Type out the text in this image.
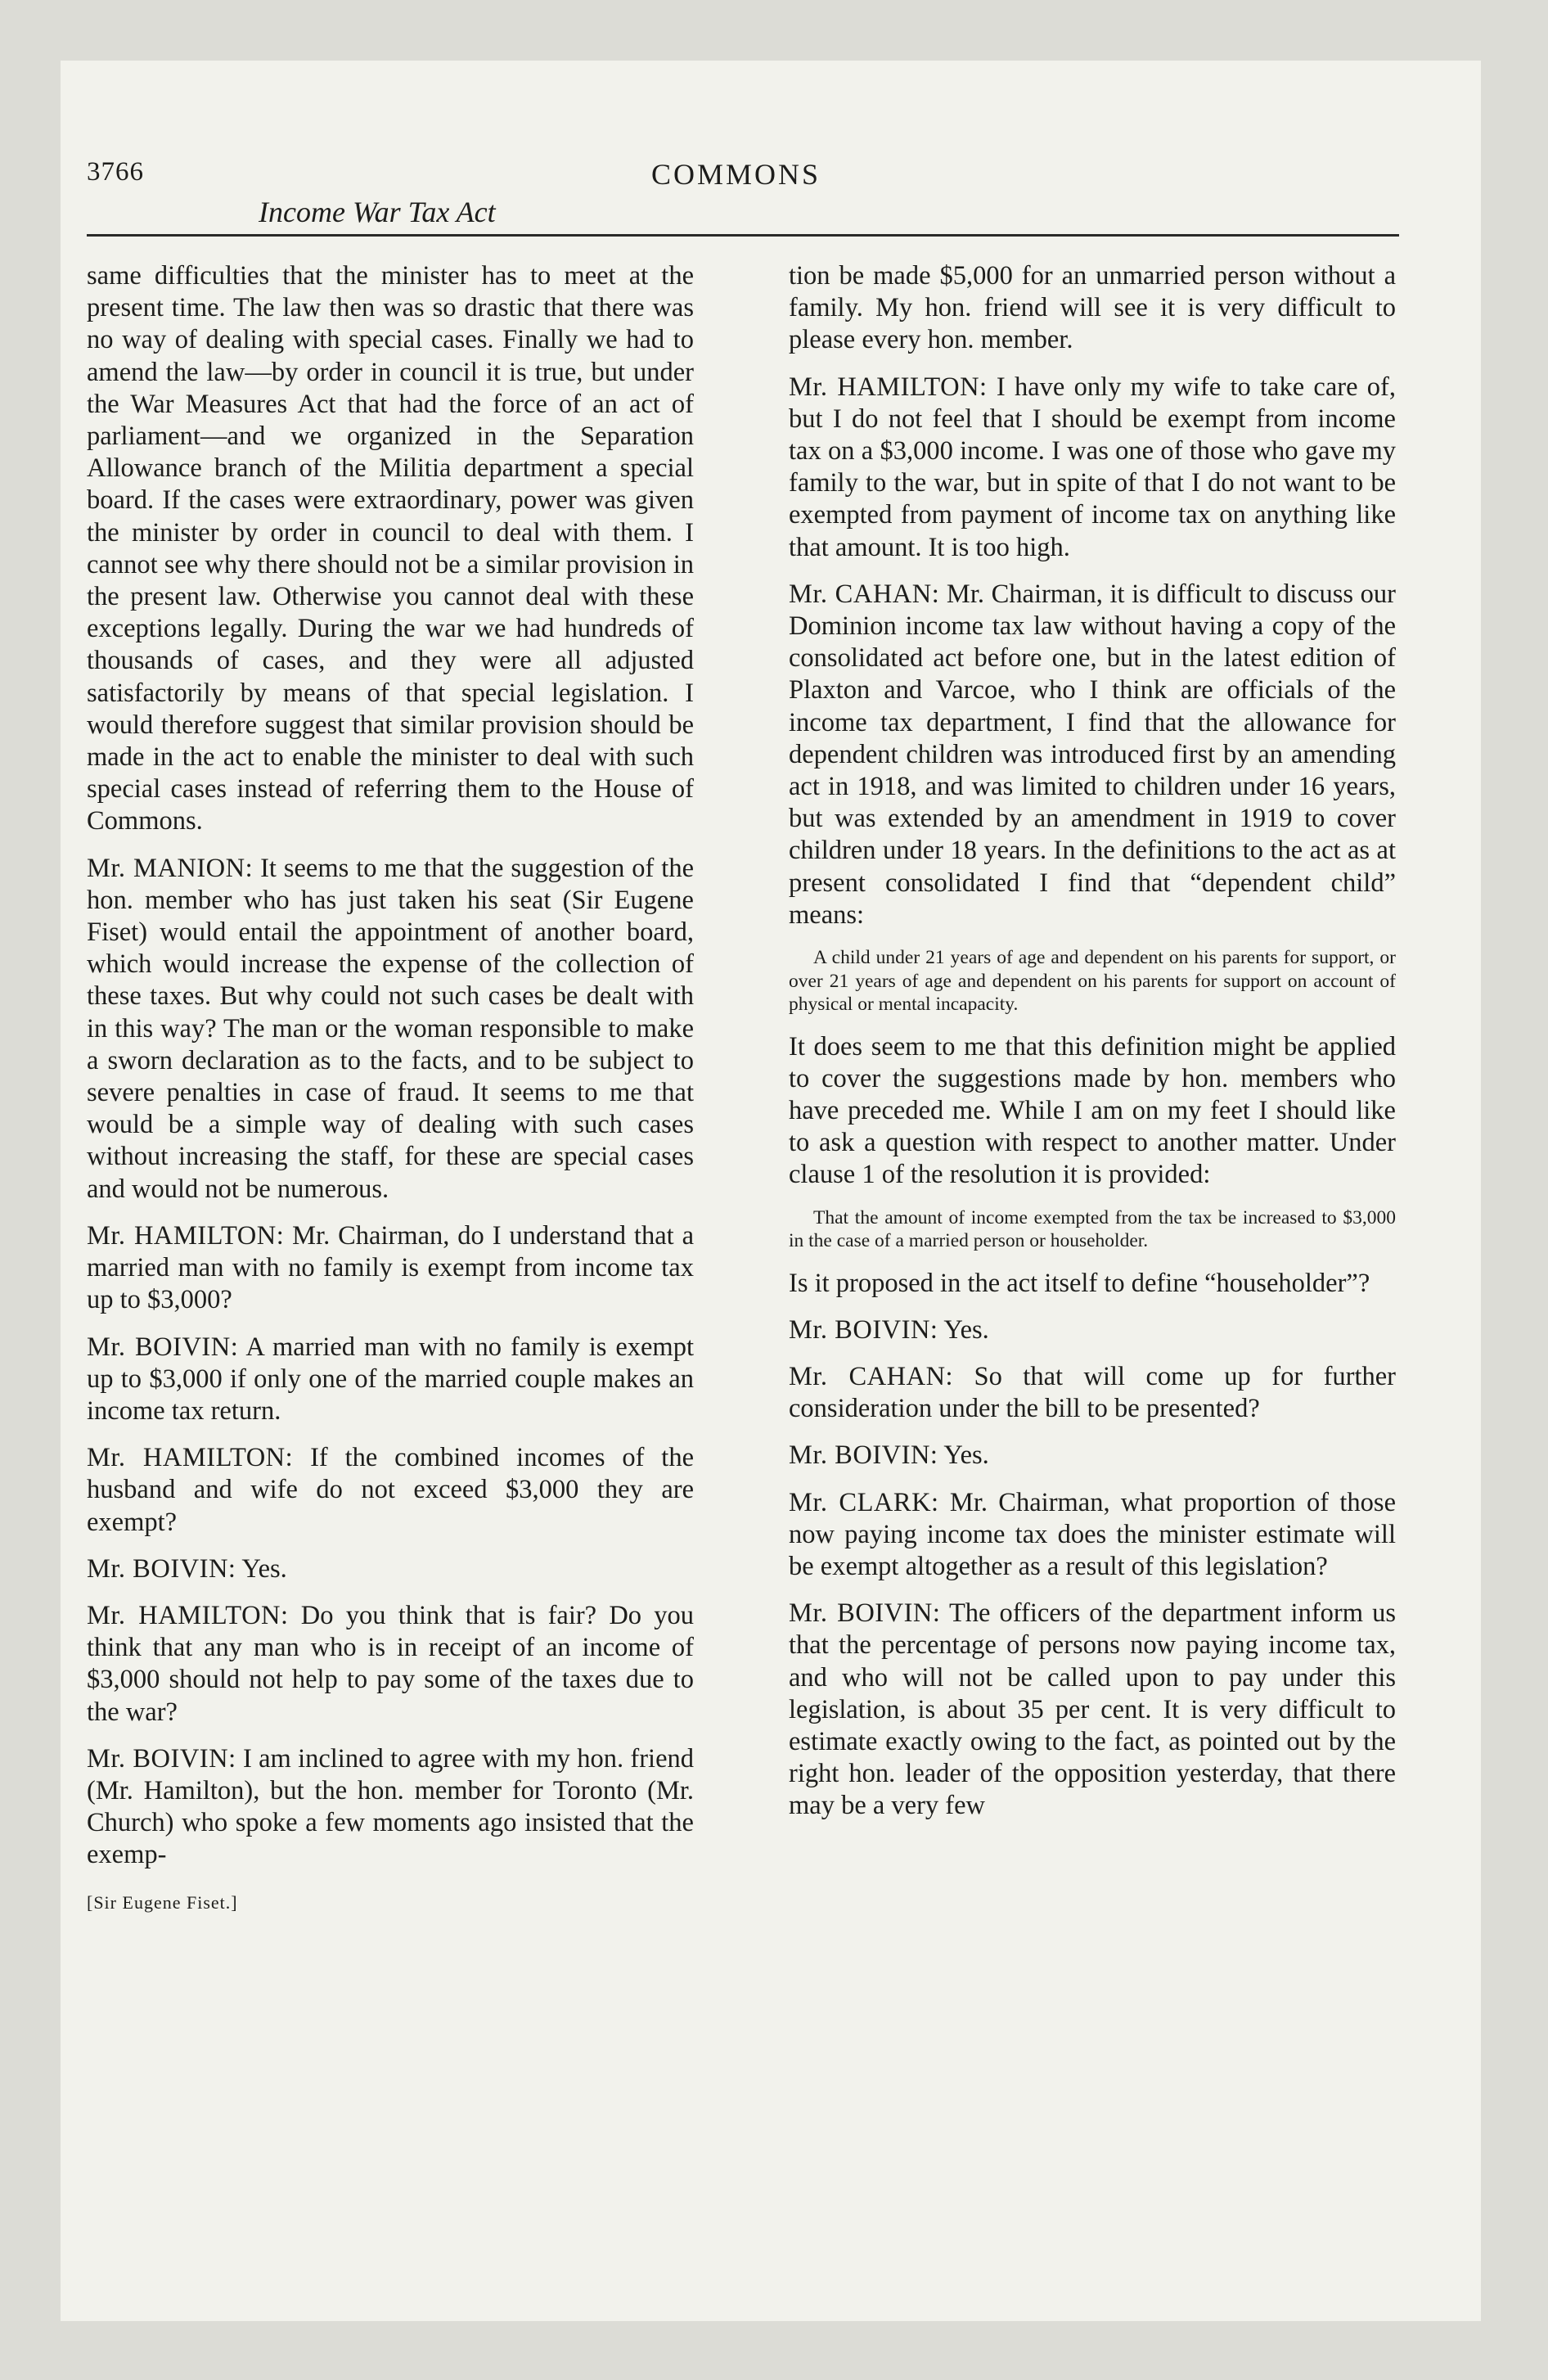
3766	COMMONS
Income War Tax Act

same difficulties that the minister has to meet at the present time. The law then was so drastic that there was no way of dealing with special cases. Finally we had to amend the law—by order in council it is true, but under the War Measures Act that had the force of an act of parliament—and we organized in the Separation Allowance branch of the Militia department a special board. If the cases were extraordinary, power was given the minister by order in council to deal with them. I cannot see why there should not be a similar provision in the present law. Otherwise you cannot deal with these exceptions legally. During the war we had hundreds of thousands of cases, and they were all adjusted satisfactorily by means of that special legislation. I would therefore suggest that similar provision should be made in the act to enable the minister to deal with such special cases instead of referring them to the House of Commons.

Mr. MANION: It seems to me that the suggestion of the hon. member who has just taken his seat (Sir Eugene Fiset) would entail the appointment of another board, which would increase the expense of the collection of these taxes. But why could not such cases be dealt with in this way? The man or the woman responsible to make a sworn declaration as to the facts, and to be subject to severe penalties in case of fraud. It seems to me that would be a simple way of dealing with such cases without increasing the staff, for these are special cases and would not be numerous.

Mr. HAMILTON: Mr. Chairman, do I understand that a married man with no family is exempt from income tax up to $3,000?

Mr. BOIVIN: A married man with no family is exempt up to $3,000 if only one of the married couple makes an income tax return.

Mr. HAMILTON: If the combined incomes of the husband and wife do not exceed $3,000 they are exempt?

Mr. BOIVIN: Yes.

Mr. HAMILTON: Do you think that is fair? Do you think that any man who is in receipt of an income of $3,000 should not help to pay some of the taxes due to the war?

Mr. BOIVIN: I am inclined to agree with my hon. friend (Mr. Hamilton), but the hon. member for Toronto (Mr. Church) who spoke a few moments ago insisted that the exemp-

[Sir Eugene Fiset.]

tion be made $5,000 for an unmarried person without a family. My hon. friend will see it is very difficult to please every hon. member.

Mr. HAMILTON: I have only my wife to take care of, but I do not feel that I should be exempt from income tax on a $3,000 income. I was one of those who gave my family to the war, but in spite of that I do not want to be exempted from payment of income tax on anything like that amount. It is too high.

Mr. CAHAN: Mr. Chairman, it is difficult to discuss our Dominion income tax law without having a copy of the consolidated act before one, but in the latest edition of Plaxton and Varcoe, who I think are officials of the income tax department, I find that the allowance for dependent children was introduced first by an amending act in 1918, and was limited to children under 16 years, but was extended by an amendment in 1919 to cover children under 18 years. In the definitions to the act as at present consolidated I find that “dependent child” means:

A child under 21 years of age and dependent on his parents for support, or over 21 years of age and dependent on his parents for support on account of physical or mental incapacity.

It does seem to me that this definition might be applied to cover the suggestions made by hon. members who have preceded me. While I am on my feet I should like to ask a question with respect to another matter. Under clause 1 of the resolution it is provided:

That the amount of income exempted from the tax be increased to $3,000 in the case of a married person or householder.

Is it proposed in the act itself to define “householder”?

Mr. BOIVIN: Yes.

Mr. CAHAN: So that will come up for further consideration under the bill to be presented?

Mr. BOIVIN: Yes.

Mr. CLARK: Mr. Chairman, what proportion of those now paying income tax does the minister estimate will be exempt altogether as a result of this legislation?

Mr. BOIVIN: The officers of the department inform us that the percentage of persons now paying income tax, and who will not be called upon to pay under this legislation, is about 35 per cent. It is very difficult to estimate exactly owing to the fact, as pointed out by the right hon. leader of the opposition yesterday, that there may be a very few
